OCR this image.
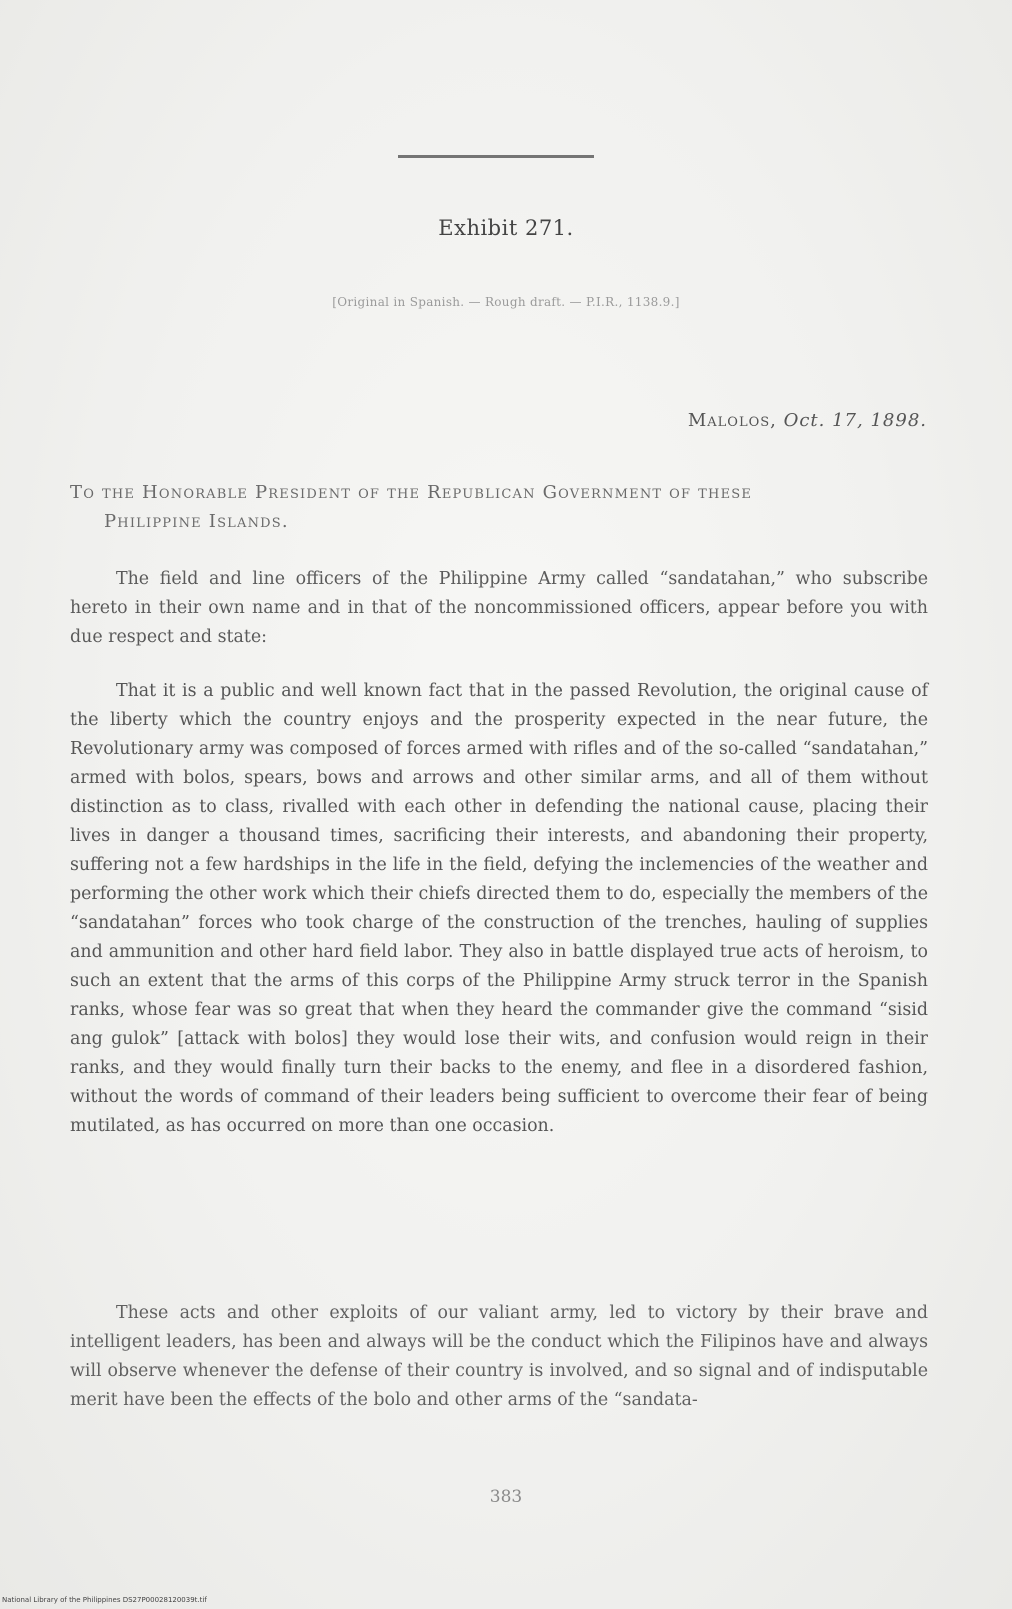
Exhibit 271.
[Original in Spanish. — Rough draft. — P.I.R., 1138.9.]
Malolos, Oct. 17, 1898.
To the Honorable President of the Republican Government of these
Philippine Islands.

The field and line officers of the Philippine Army called “sandatahan,” who subscribe hereto in their own name and in that of the noncommissioned officers, appear before you with due respect and state:

That it is a public and well known fact that in the passed Revolution, the original cause of the liberty which the country enjoys and the prosperity expected in the near future, the Revolutionary army was composed of forces armed with rifles and of the so-called “sandatahan,” armed with bolos, spears, bows and arrows and other similar arms, and all of them without distinction as to class, rivalled with each other in defending the national cause, placing their lives in danger a thousand times, sacrificing their interests, and abandoning their property, suffering not a few hardships in the life in the field, defying the inclemencies of the weather and performing the other work which their chiefs directed them to do, especially the members of the “sandatahan” forces who took charge of the construction of the trenches, hauling of supplies and ammunition and other hard field labor. They also in battle displayed true acts of heroism, to such an extent that the arms of this corps of the Philippine Army struck terror in the Spanish ranks, whose fear was so great that when they heard the commander give the command “sisid ang gulok” [attack with bolos] they would lose their wits, and confusion would reign in their ranks, and they would finally turn their backs to the enemy, and flee in a disordered fashion, without the words of command of their leaders being sufficient to overcome their fear of being mutilated, as has occurred on more than one occasion.

These acts and other exploits of our valiant army, led to victory by their brave and intelligent leaders, has been and always will be the conduct which the Filipinos have and always will observe whenever the defense of their country is involved, and so signal and of indisputable merit have been the effects of the bolo and other arms of the “sandata-

383
National Library of the Philippines DS27P00028120039t.tif
